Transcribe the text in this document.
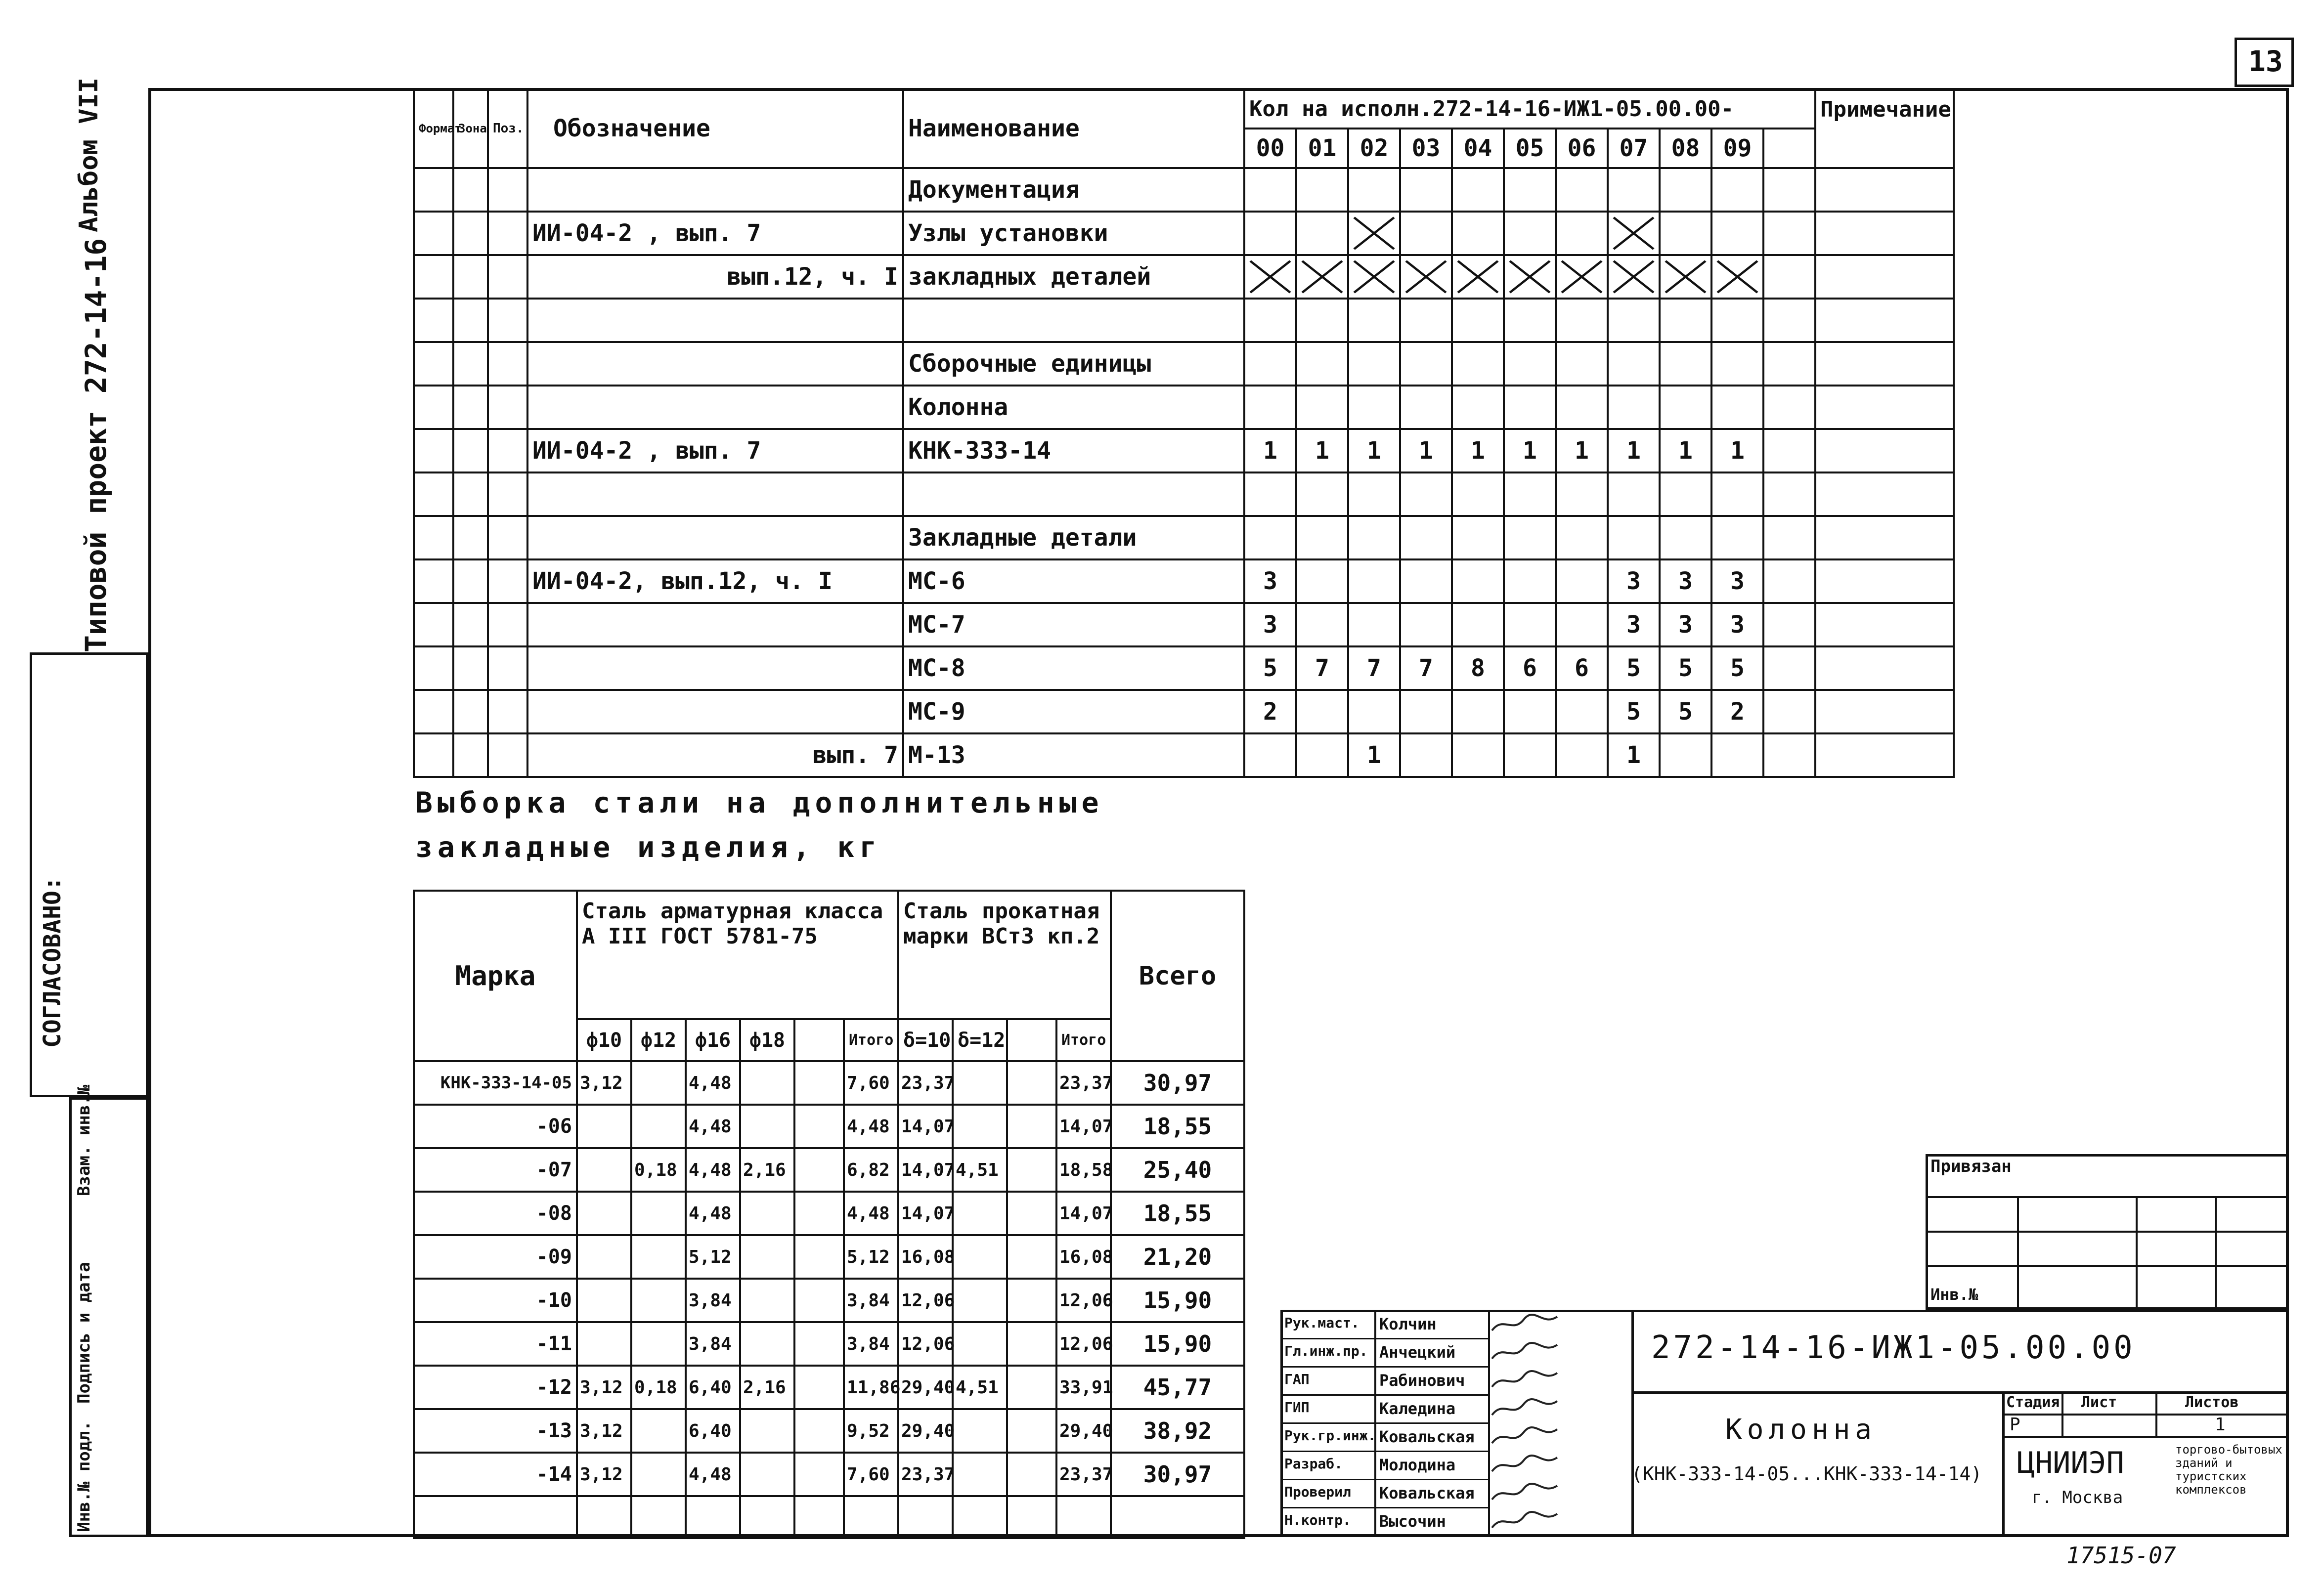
13
Альбом VII
Типовой проект 272-14-16
СОГЛАСОВАНО:
Взам. инв.№
Подпись и дата
Инв.№ подл.
Формат	Зона	Поз.	Обозначение	Наименование	Кол на исполн.272-14-16-ИЖ1-05.00.00-											Примечание
					00	01	02	03	04	05	06	07	08	09		
				Документация												
			ИИ-04-2 , вып. 7	Узлы установки			

			вып.12, ч. I	закладных деталей	

				Сборочные единицы												
				Колонна												
			ИИ-04-2 , вып. 7	КНК-333-14	1	1	1	1	1	1	1	1	1	1		

				Закладные детали												
			ИИ-04-2, вып.12, ч. I	МС-6	3							3	3	3		
				МС-7	3							3	3	3		
				МС-8	5	7	7	7	8	6	6	5	5	5		
				МС-9	2							5	5	2		
			вып. 7	М-13			1					1				
Выборка стали на дополнительные
закладные изделия, кг
Марка	Сталь арматурная класса А III ГОСТ 5781-75						Сталь прокатная марки ВСт3 кп.2				Всего
	ф10	ф12	ф16	ф18		Итого	δ=10	δ=12		Итого	
КНК-333-14-05	3,12		4,48			7,60	23,37			23,37	30,97
-06			4,48			4,48	14,07			14,07	18,55
-07		0,18	4,48	2,16		6,82	14,07	4,51		18,58	25,40
-08			4,48			4,48	14,07			14,07	18,55
-09			5,12			5,12	16,08			16,08	21,20
-10			3,84			3,84	12,06			12,06	15,90
-11			3,84			3,84	12,06			12,06	15,90
-12	3,12	0,18	6,40	2,16		11,86	29,40	4,51		33,91	45,77
-13	3,12		6,40			9,52	29,40			29,40	38,92
-14	3,12		4,48			7,60	23,37			23,37	30,97

Привязан
Инв.№
Рук.маст. Колчин
Гл.инж.пр. Анчецкий
ГАП	Рабинович
ГИП	Каледина
Рук.гр.инж. Ковальская
Разраб. Молодина
Проверил Ковальская
Н.контр. Высочин
272-14-16-ИЖ1-05.00.00
Колонна
(КНК-333-14-05...КНК-333-14-14)
Стадия Лист	Листов
Р	1
ЦНИИЭП
г. Москва
торгово-бытовых зданий и туристских комплексов
17515-07
